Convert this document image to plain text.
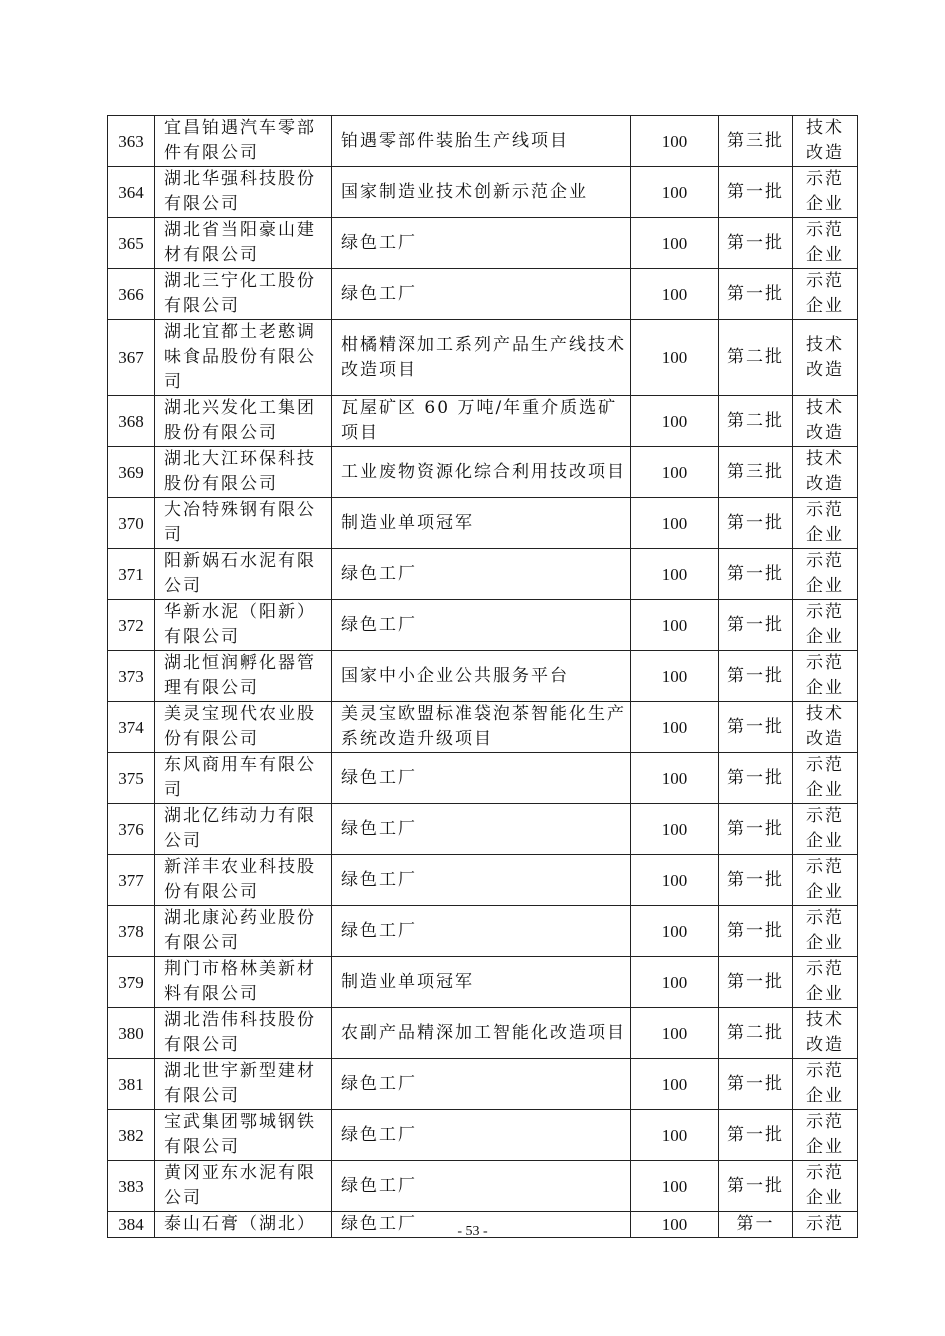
363	宜昌铂遇汽车零部件有限公司	铂遇零部件装胎生产线项目	100	第三批	技术改造

364	湖北华强科技股份有限公司	国家制造业技术创新示范企业	100	第一批	示范企业

365	湖北省当阳豪山建材有限公司	绿色工厂	100	第一批	示范企业

366	湖北三宁化工股份有限公司	绿色工厂	100	第一批	示范企业

367	湖北宜都土老憨调味食品股份有限公司	柑橘精深加工系列产品生产线技术改造项目	100	第二批	技术改造

368	湖北兴发化工集团股份有限公司	瓦屋矿区 60 万吨/年重介质选矿项目	100	第二批	技术改造

369	湖北大江环保科技股份有限公司	工业废物资源化综合利用技改项目	100	第三批	技术改造

370	大冶特殊钢有限公司	制造业单项冠军	100	第一批	示范企业

371	阳新娲石水泥有限公司	绿色工厂	100	第一批	示范企业

372	华新水泥（阳新）有限公司	绿色工厂	100	第一批	示范企业

373	湖北恒润孵化器管理有限公司	国家中小企业公共服务平台	100	第一批	示范企业

374	美灵宝现代农业股份有限公司	美灵宝欧盟标准袋泡茶智能化生产系统改造升级项目	100	第一批	技术改造

375	东风商用车有限公司	绿色工厂	100	第一批	示范企业

376	湖北亿纬动力有限公司	绿色工厂	100	第一批	示范企业

377	新洋丰农业科技股份有限公司	绿色工厂	100	第一批	示范企业

378	湖北康沁药业股份有限公司	绿色工厂	100	第一批	示范企业

379	荆门市格林美新材料有限公司	制造业单项冠军	100	第一批	示范企业

380	湖北浩伟科技股份有限公司	农副产品精深加工智能化改造项目	100	第二批	技术改造

381	湖北世宇新型建材有限公司	绿色工厂	100	第一批	示范企业

382	宝武集团鄂城钢铁有限公司	绿色工厂	100	第一批	示范企业

383	黄冈亚东水泥有限公司	绿色工厂	100	第一批	示范企业

384	泰山石膏（湖北）	绿色工厂	100	第一	示范
- 53 -
